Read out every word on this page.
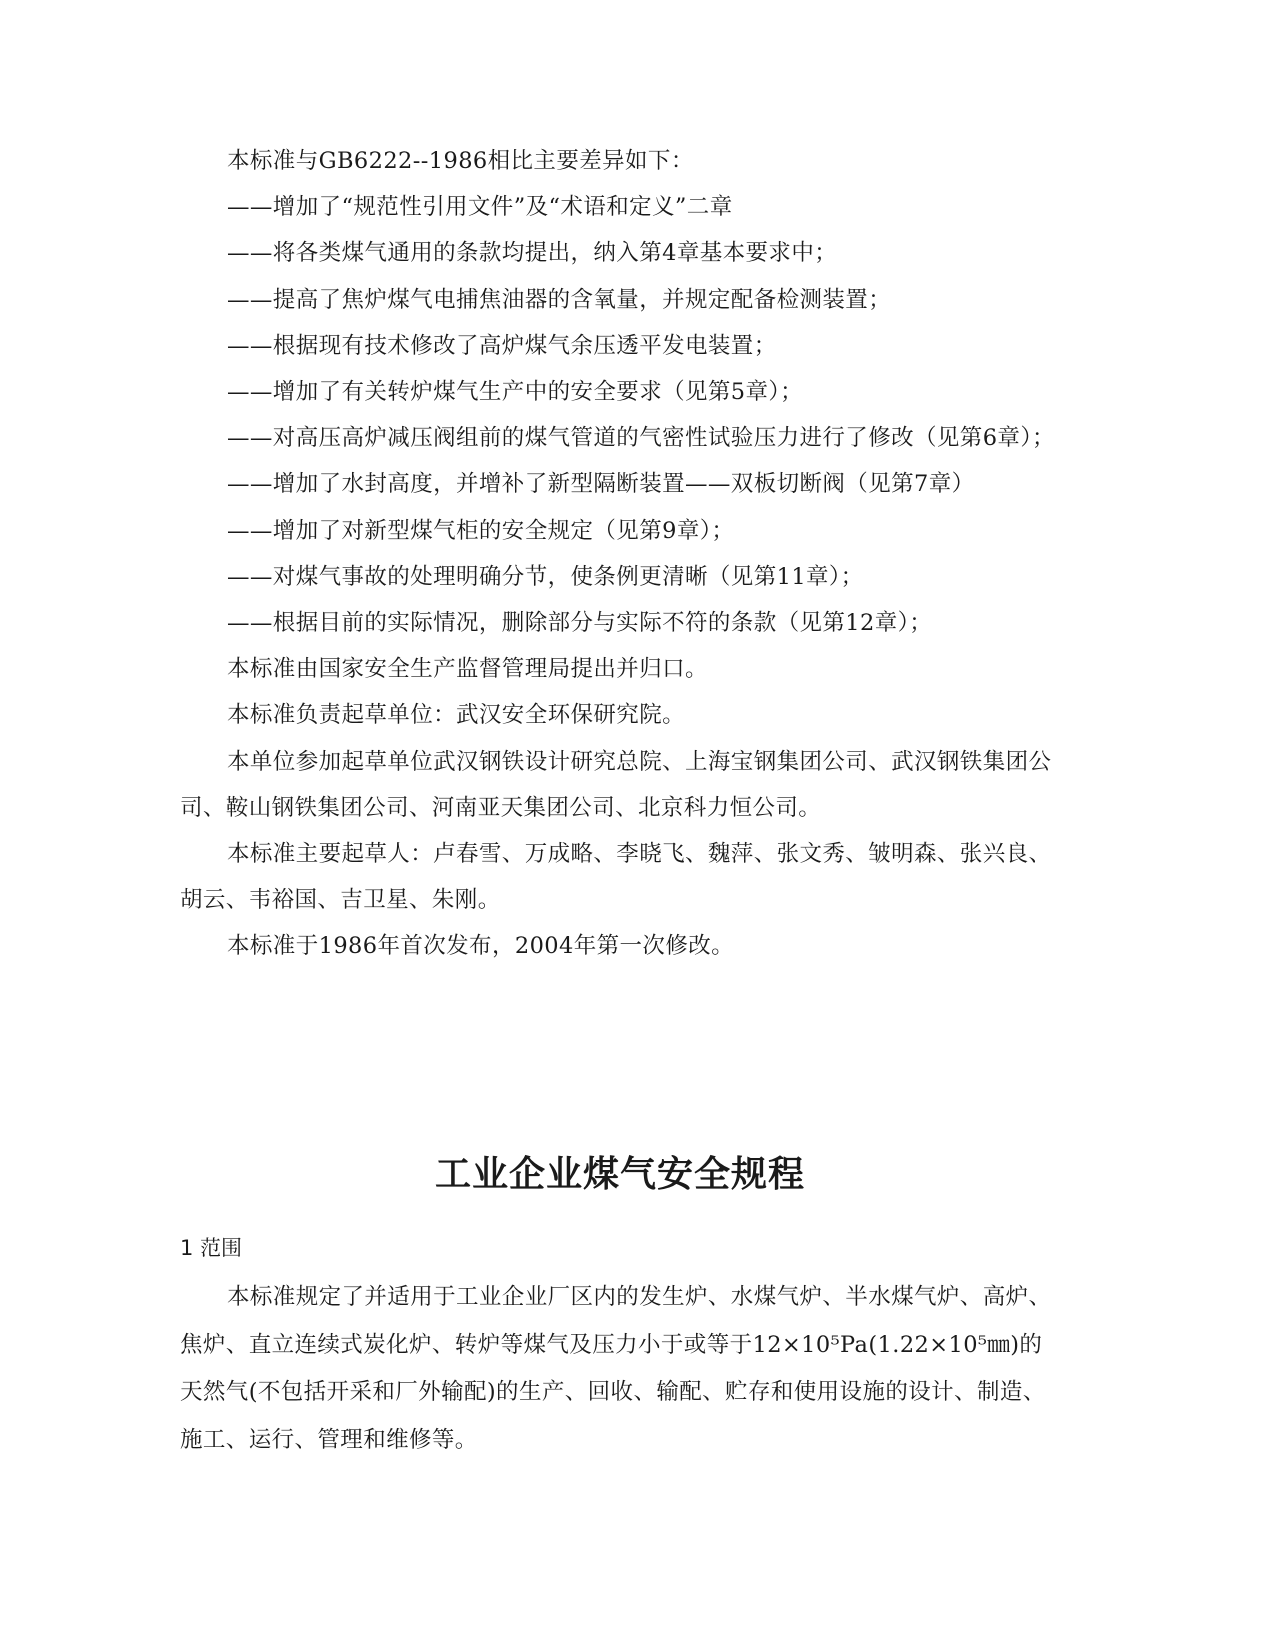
本标准与GB6222--1986相比主要差异如下：

——增加了“规范性引用文件”及“术语和定义”二章

——将各类煤气通用的条款均提出，纳入第4章基本要求中；

——提高了焦炉煤气电捕焦油器的含氧量，并规定配备检测装置；

——根据现有技术修改了高炉煤气余压透平发电装置；

——增加了有关转炉煤气生产中的安全要求（见第5章）；

——对高压高炉减压阀组前的煤气管道的气密性试验压力进行了修改（见第6章）；

——增加了水封高度，并增补了新型隔断装置——双板切断阀（见第7章）

——增加了对新型煤气柜的安全规定（见第9章）；

——对煤气事故的处理明确分节，使条例更清晰（见第11章）；

——根据目前的实际情况，删除部分与实际不符的条款（见第12章）；

本标准由国家安全生产监督管理局提出并归口。

本标准负责起草单位：武汉安全环保研究院。

本单位参加起草单位武汉钢铁设计研究总院、上海宝钢集团公司、武汉钢铁集团公司、鞍山钢铁集团公司、河南亚天集团公司、北京科力恒公司。

本标准主要起草人：卢春雪、万成略、李晓飞、魏萍、张文秀、皱明森、张兴良、胡云、韦裕国、吉卫星、朱刚。

本标准于1986年首次发布，2004年第一次修改。

工业企业煤气安全规程
1 范围

本标准规定了并适用于工业企业厂区内的发生炉、水煤气炉、半水煤气炉、高炉、焦炉、直立连续式炭化炉、转炉等煤气及压力小于或等于12×10⁵Pa(1.22×10⁵㎜)的天然气(不包括开采和厂外输配)的生产、回收、输配、贮存和使用设施的设计、制造、施工、运行、管理和维修等。
